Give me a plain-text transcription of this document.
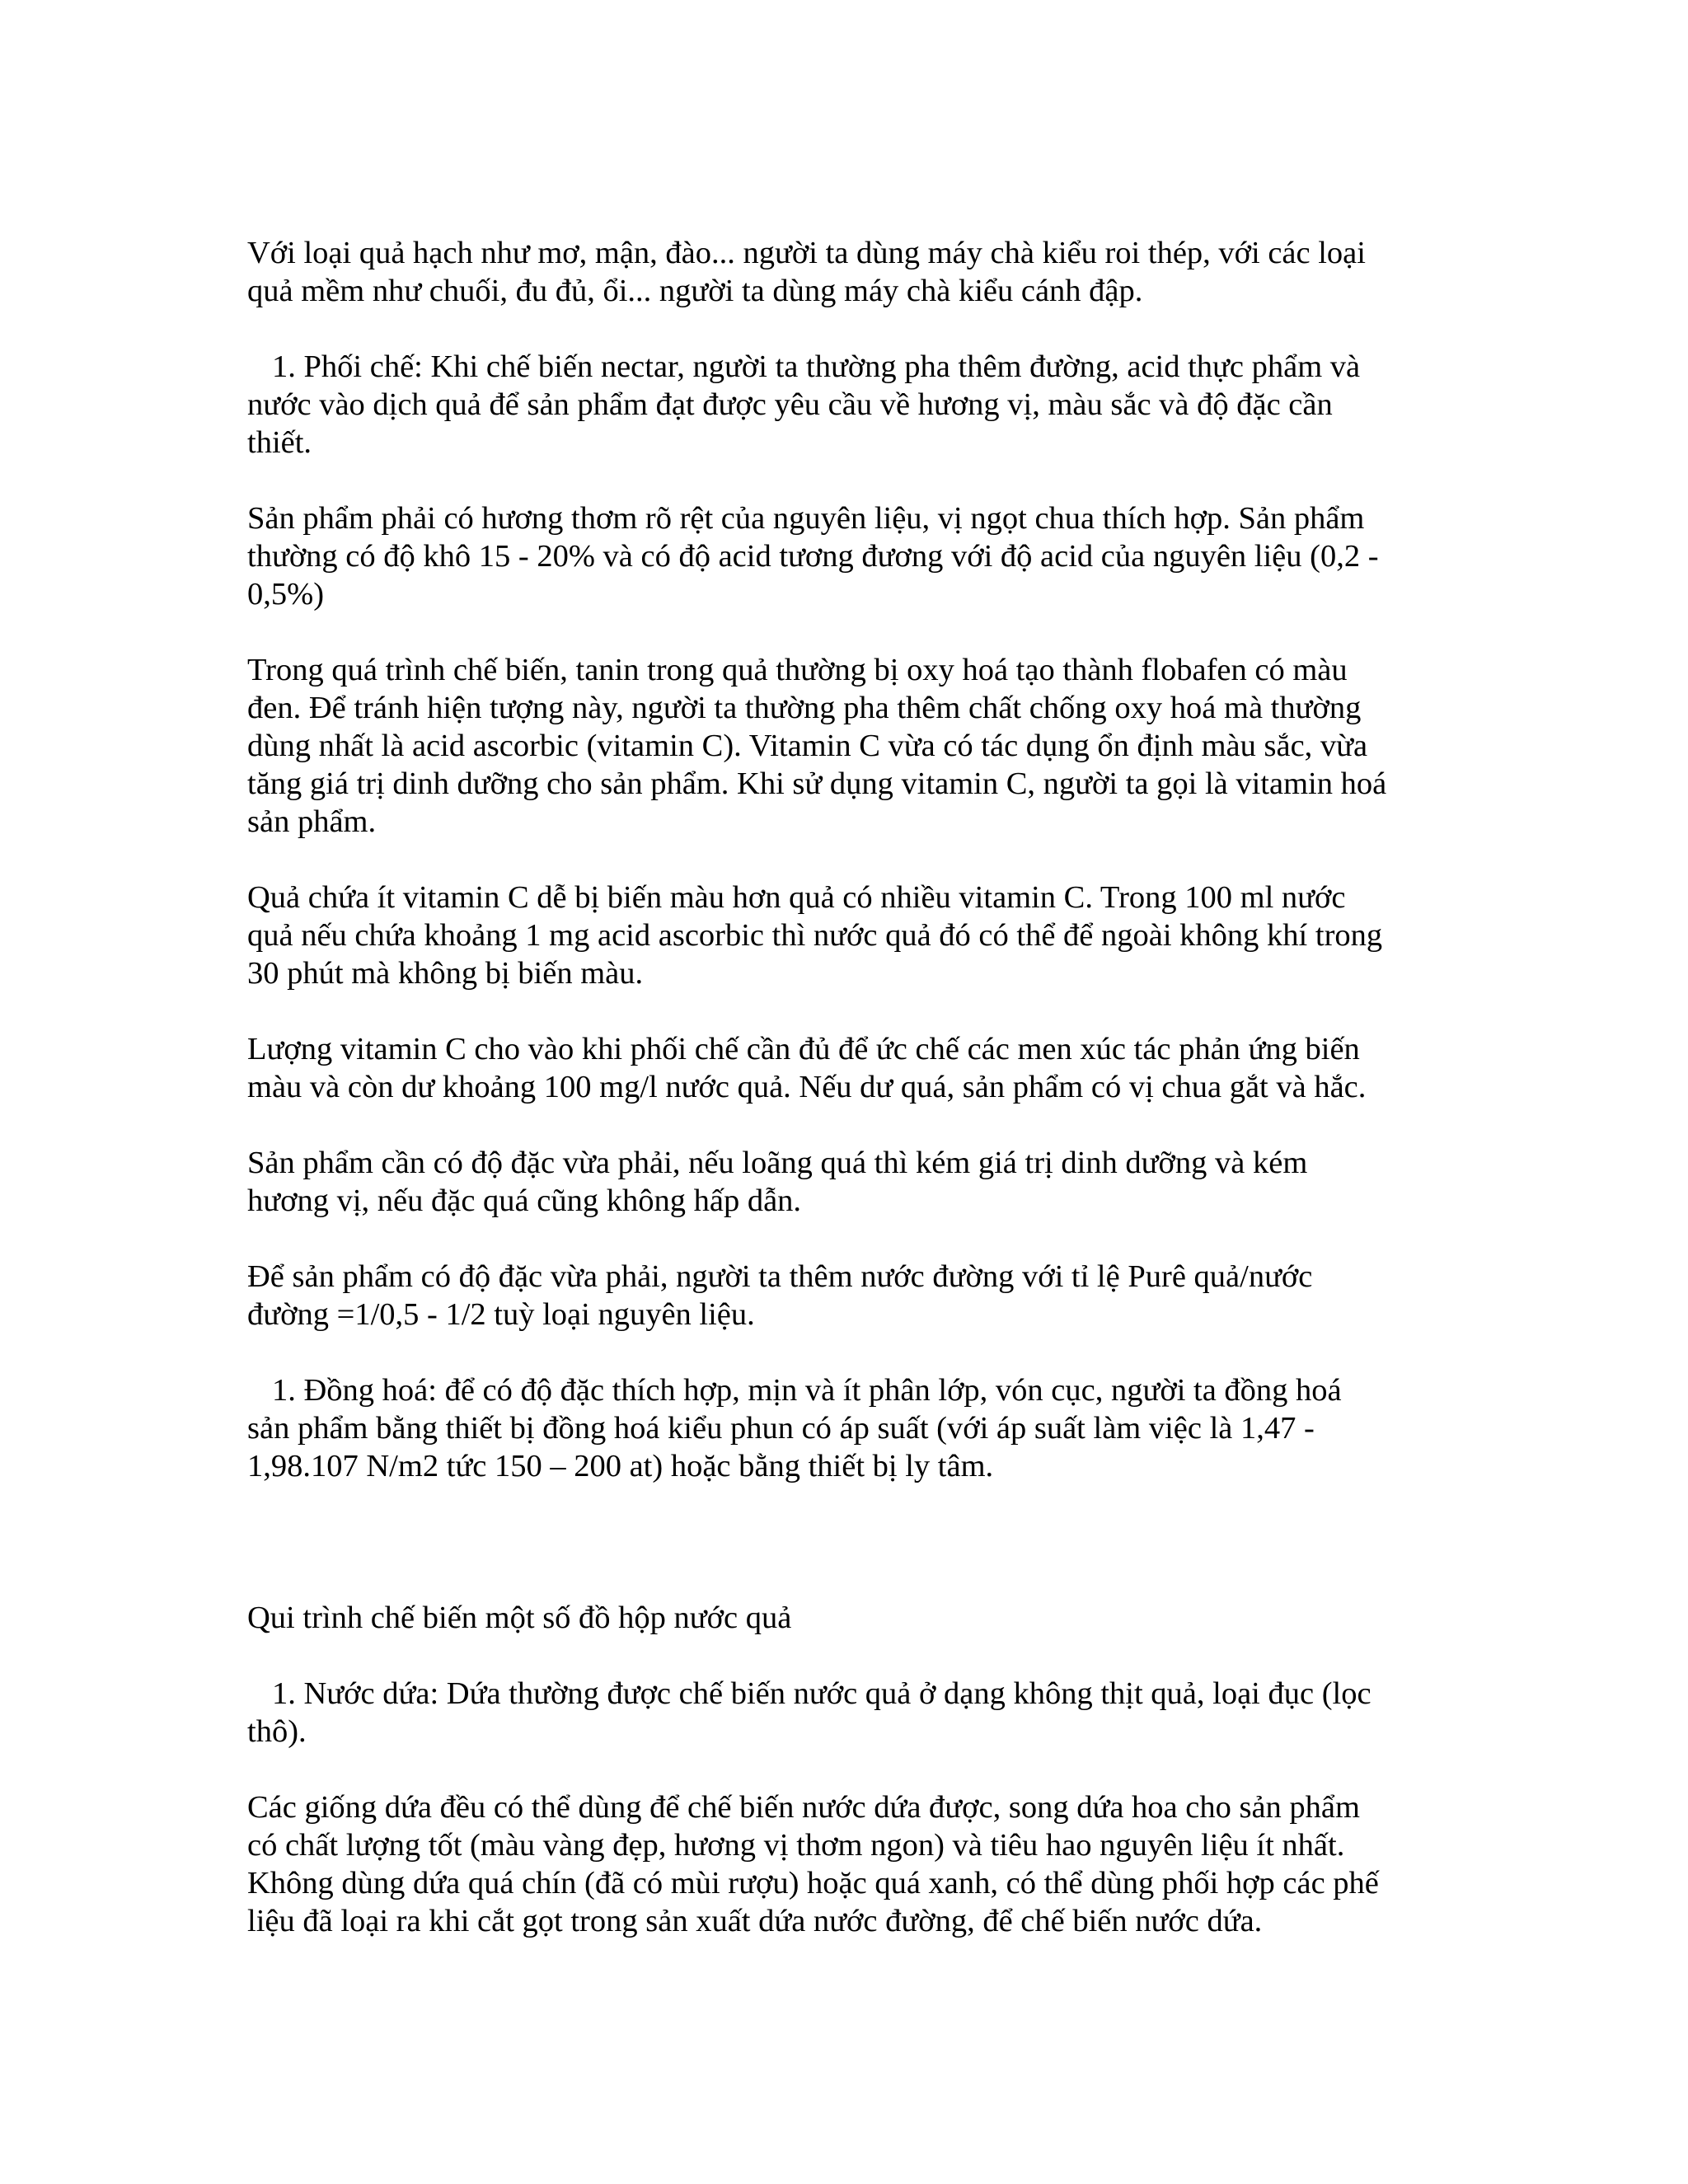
Với loại quả hạch như mơ, mận, đào... người ta dùng máy chà kiểu roi thép, với các loại
quả mềm như chuối, đu đủ, ổi... người ta dùng máy chà kiểu cánh đập.

1. Phối chế: Khi chế biến nectar, người ta thường pha thêm đường, acid thực phẩm và
nước vào dịch quả để sản phẩm đạt được yêu cầu về hương vị, màu sắc và độ đặc cần
thiết.

Sản phẩm phải có hương thơm rõ rệt của nguyên liệu, vị ngọt chua thích hợp. Sản phẩm
thường có độ khô 15 - 20% và có độ acid tương đương với độ acid của nguyên liệu (0,2 -
0,5%)

Trong quá trình chế biến, tanin trong quả thường bị oxy hoá tạo thành flobafen có màu
đen. Để tránh hiện tượng này, người ta thường pha thêm chất chống oxy hoá mà thường
dùng nhất là acid ascorbic (vitamin C). Vitamin C vừa có tác dụng ổn định màu sắc, vừa
tăng giá trị dinh dưỡng cho sản phẩm. Khi sử dụng vitamin C, người ta gọi là vitamin hoá
sản phẩm.

Quả chứa ít vitamin C dễ bị biến màu hơn quả có nhiều vitamin C. Trong 100 ml nước
quả nếu chứa khoảng 1 mg acid ascorbic thì nước quả đó có thể để ngoài không khí trong
30 phút mà không bị biến màu.

Lượng vitamin C cho vào khi phối chế cần đủ để ức chế các men xúc tác phản ứng biến
màu và còn dư khoảng 100 mg/l nước quả. Nếu dư quá, sản phẩm có vị chua gắt và hắc.

Sản phẩm cần có độ đặc vừa phải, nếu loãng quá thì kém giá trị dinh dưỡng và kém
hương vị, nếu đặc quá cũng không hấp dẫn.

Để sản phẩm có độ đặc vừa phải, người ta thêm nước đường với tỉ lệ Purê quả/nước
đường =1/0,5 - 1/2 tuỳ loại nguyên liệu.

1. Đồng hoá: để có độ đặc thích hợp, mịn và ít phân lớp, vón cục, người ta đồng hoá
sản phẩm bằng thiết bị đồng hoá kiểu phun có áp suất (với áp suất làm việc là 1,47 -
1,98.107 N/m2 tức 150 – 200 at) hoặc bằng thiết bị ly tâm.

Qui trình chế biến một số đồ hộp nước quả

1. Nước dứa: Dứa thường được chế biến nước quả ở dạng không thịt quả, loại đục (lọc
thô).

Các giống dứa đều có thể dùng để chế biến nước dứa được, song dứa hoa cho sản phẩm
có chất lượng tốt (màu vàng đẹp, hương vị thơm ngon) và tiêu hao nguyên liệu ít nhất.
Không dùng dứa quá chín (đã có mùi rượu) hoặc quá xanh, có thể dùng phối hợp các phế
liệu đã loại ra khi cắt gọt trong sản xuất dứa nước đường, để chế biến nước dứa.
